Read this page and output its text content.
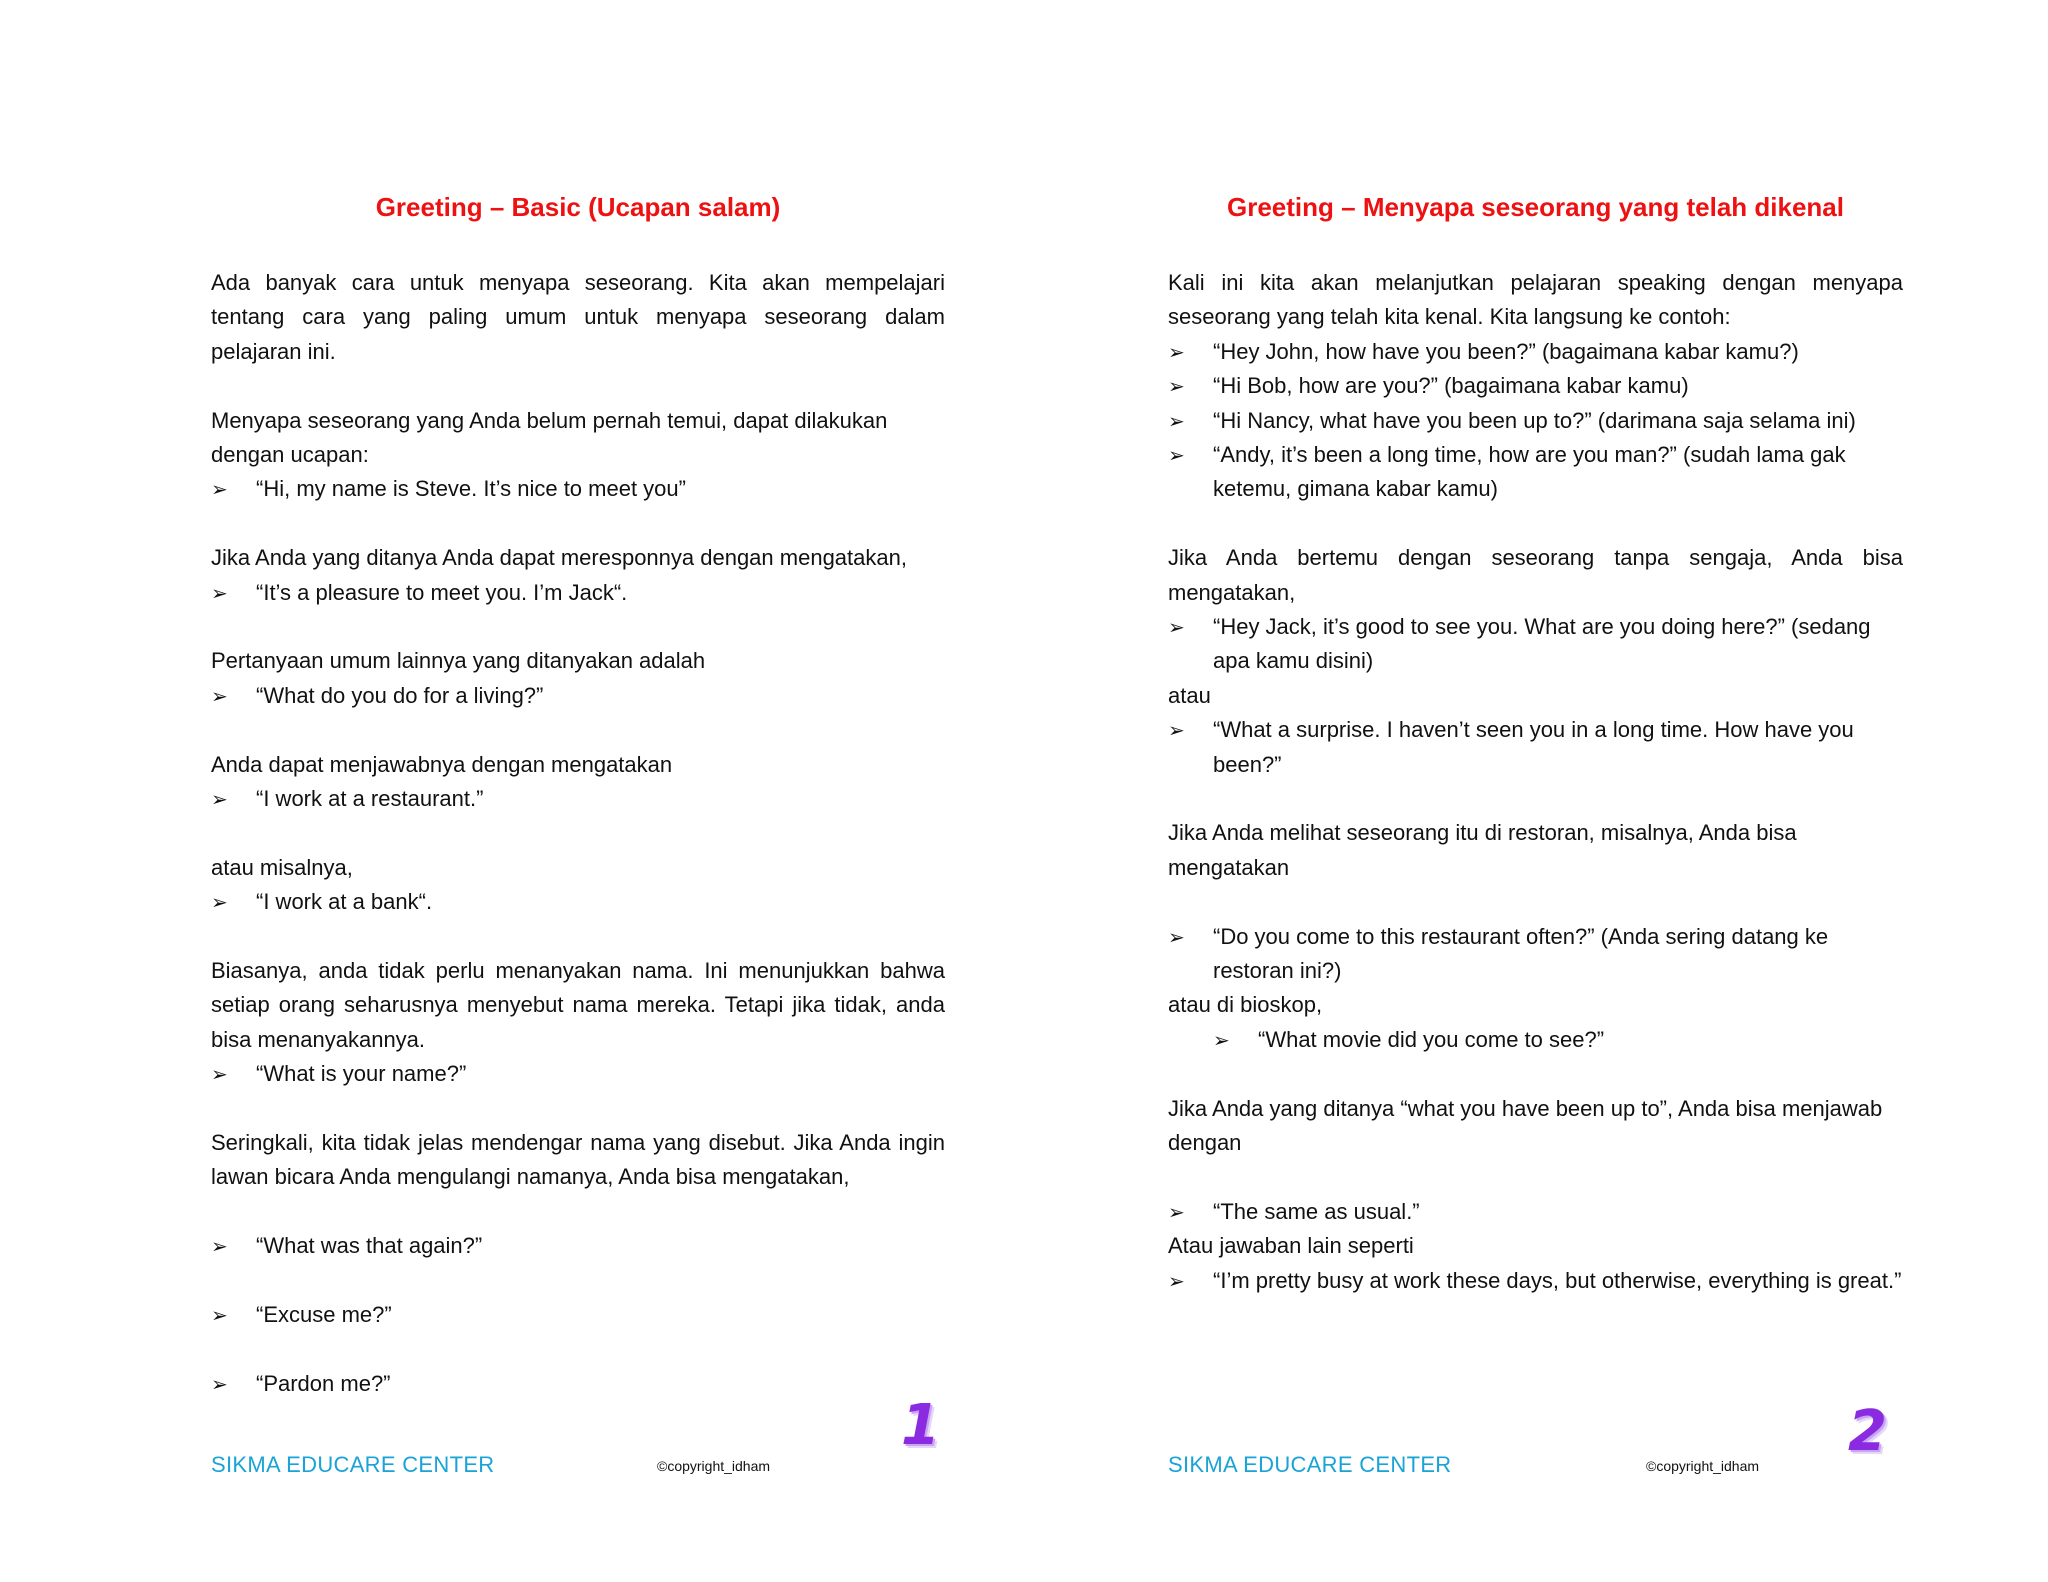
Greeting – Basic (Ucapan salam)

Ada banyak cara untuk menyapa seseorang. Kita akan mempelajari tentang cara yang paling umum untuk menyapa seseorang dalam pelajaran ini.

Menyapa seseorang yang Anda belum pernah temui, dapat dilakukan dengan ucapan:

➢ “Hi, my name is Steve. It’s nice to meet you”

Jika Anda yang ditanya Anda dapat meresponnya dengan mengatakan,

➢ “It’s a pleasure to meet you. I’m Jack“.

Pertanyaan umum lainnya yang ditanyakan adalah

➢ “What do you do for a living?”

Anda dapat menjawabnya dengan mengatakan

➢ “I work at a restaurant.”

atau misalnya,

➢ “I work at a bank“.

Biasanya, anda tidak perlu menanyakan nama. Ini menunjukkan bahwa setiap orang seharusnya menyebut nama mereka. Tetapi jika tidak, anda bisa menanyakannya.

➢ “What is your name?”

Seringkali, kita tidak jelas mendengar nama yang disebut. Jika Anda ingin lawan bicara Anda mengulangi namanya, Anda bisa mengatakan,

➢ “What was that again?”

➢ “Excuse me?”

➢ “Pardon me?”

1
SIKMA EDUCARE CENTER	©copyright_idham
Greeting – Menyapa seseorang yang telah dikenal

Kali ini kita akan melanjutkan pelajaran speaking dengan menyapa seseorang yang telah kita kenal. Kita langsung ke contoh:

➢ “Hey John, how have you been?” (bagaimana kabar kamu?)

➢ “Hi Bob, how are you?” (bagaimana kabar kamu)

➢ “Hi Nancy, what have you been up to?” (darimana saja selama ini)

➢ “Andy, it’s been a long time, how are you man?” (sudah lama gak ketemu, gimana kabar kamu)

Jika Anda bertemu dengan seseorang tanpa sengaja, Anda bisa mengatakan,

➢ “Hey Jack, it’s good to see you. What are you doing here?” (sedang apa kamu disini)

atau

➢ “What a surprise. I haven’t seen you in a long time. How have you been?”

Jika Anda melihat seseorang itu di restoran, misalnya, Anda bisa mengatakan

➢ “Do you come to this restaurant often?” (Anda sering datang ke restoran ini?)

atau di bioskop,

➢ “What movie did you come to see?”

Jika Anda yang ditanya “what you have been up to”, Anda bisa menjawab dengan

➢ “The same as usual.”

Atau jawaban lain seperti

➢ “I’m pretty busy at work these days, but otherwise, everything is great.”

2
SIKMA EDUCARE CENTER	©copyright_idham
